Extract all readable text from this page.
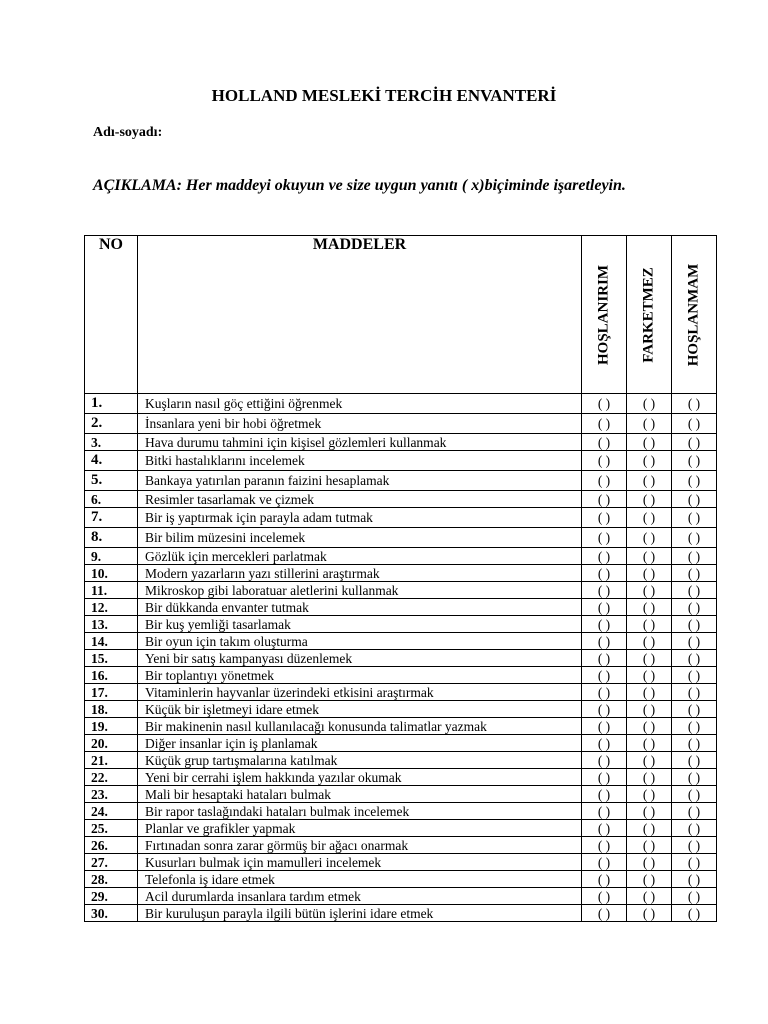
HOLLAND MESLEKİ TERCİH ENVANTERİ
Adı-soyadı:
AÇIKLAMA: Her maddeyi okuyun ve size uygun yanıtı ( x)biçiminde işaretleyin.
NO	MADDELER	HOŞLANIRIM	FARKETMEZ	HOŞLANMAM

1.	Kuşların nasıl göç ettiğini öğrenmek	( )	( )	( )
2.	İnsanlara yeni bir hobi öğretmek	( )	( )	( )
3.	Hava durumu tahmini için kişisel gözlemleri kullanmak	( )	( )	( )
4.	Bitki hastalıklarını incelemek	( )	( )	( )
5.	Bankaya yatırılan paranın faizini hesaplamak	( )	( )	( )
6.	Resimler tasarlamak ve çizmek	( )	( )	( )
7.	Bir iş yaptırmak için parayla adam tutmak	( )	( )	( )
8.	Bir bilim müzesini incelemek	( )	( )	( )
9.	Gözlük için mercekleri parlatmak	( )	( )	( )
10.	Modern yazarların yazı stillerini araştırmak	( )	( )	( )
11.	Mikroskop gibi laboratuar aletlerini kullanmak	( )	( )	( )
12.	Bir dükkanda envanter tutmak	( )	( )	( )
13.	Bir kuş yemliği tasarlamak	( )	( )	( )
14.	Bir oyun için takım oluşturma	( )	( )	( )
15.	Yeni bir satış kampanyası düzenlemek	( )	( )	( )
16.	Bir toplantıyı yönetmek	( )	( )	( )
17.	Vitaminlerin hayvanlar üzerindeki etkisini araştırmak	( )	( )	( )
18.	Küçük bir işletmeyi idare etmek	( )	( )	( )
19.	Bir makinenin nasıl kullanılacağı konusunda talimatlar yazmak	( )	( )	( )
20.	Diğer insanlar için iş planlamak	( )	( )	( )
21.	Küçük grup tartışmalarına katılmak	( )	( )	( )
22.	Yeni bir cerrahi işlem hakkında yazılar okumak	( )	( )	( )
23.	Mali bir hesaptaki hataları bulmak	( )	( )	( )
24.	Bir rapor taslağındaki hataları bulmak incelemek	( )	( )	( )
25.	Planlar ve grafikler yapmak	( )	( )	( )
26.	Fırtınadan sonra zarar görmüş bir ağacı onarmak	( )	( )	( )
27.	Kusurları bulmak için mamulleri incelemek	( )	( )	( )
28.	Telefonla iş idare etmek	( )	( )	( )
29.	Acil durumlarda insanlara tardım etmek	( )	( )	( )
30.	Bir kuruluşun parayla ilgili bütün işlerini idare etmek	( )	( )	( )
